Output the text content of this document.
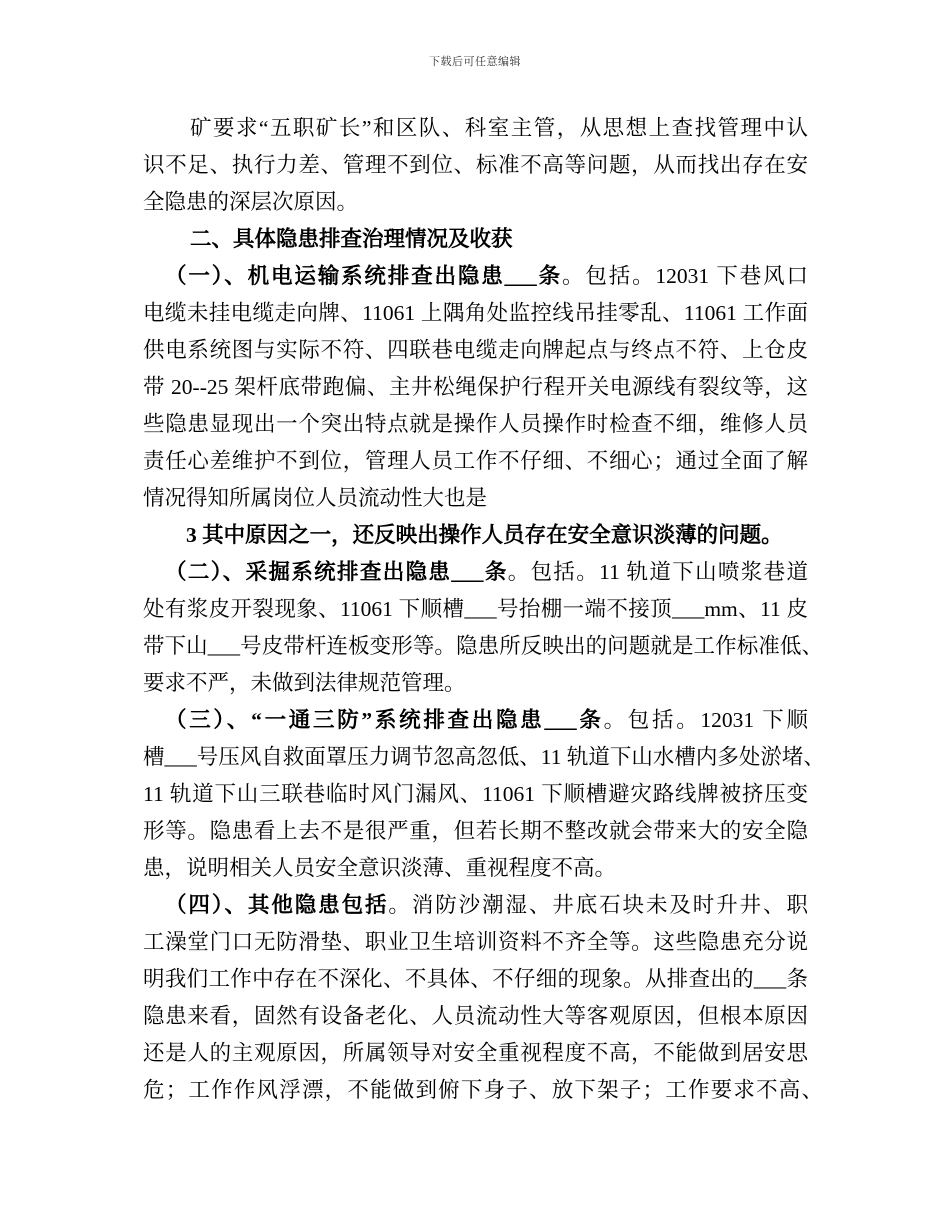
下载后可任意编辑
矿要求“五职矿长”和区队、科室主管，从思想上查找管理中认
识不足、执行力差、管理不到位、标准不高等问题，从而找出存在安
全隐患的深层次原因。
二、具体隐患排查治理情况及收获
（一）、机电运输系统排查出隐患___条。包括。12031 下巷风口
电缆未挂电缆走向牌、11061 上隅角处监控线吊挂零乱、11061 工作面
供电系统图与实际不符、四联巷电缆走向牌起点与终点不符、上仓皮
带 20--25 架杆底带跑偏、主井松绳保护行程开关电源线有裂纹等，这
些隐患显现出一个突出特点就是操作人员操作时检查不细，维修人员
责任心差维护不到位，管理人员工作不仔细、不细心；通过全面了解
情况得知所属岗位人员流动性大也是
3 其中原因之一，还反映出操作人员存在安全意识淡薄的问题。
（二）、采掘系统排查出隐患___条。包括。11 轨道下山喷浆巷道
处有浆皮开裂现象、11061 下顺槽___号抬棚一端不接顶___mm、11 皮
带下山___号皮带杆连板变形等。隐患所反映出的问题就是工作标准低、
要求不严，未做到法律规范管理。
（三）、“一通三防”系统排查出隐患___条。包括。12031 下顺
槽___号压风自救面罩压力调节忽高忽低、11 轨道下山水槽内多处淤堵、
11 轨道下山三联巷临时风门漏风、11061 下顺槽避灾路线牌被挤压变
形等。隐患看上去不是很严重，但若长期不整改就会带来大的安全隐
患，说明相关人员安全意识淡薄、重视程度不高。
（四）、其他隐患包括。消防沙潮湿、井底石块未及时升井、职
工澡堂门口无防滑垫、职业卫生培训资料不齐全等。这些隐患充分说
明我们工作中存在不深化、不具体、不仔细的现象。从排查出的___条
隐患来看，固然有设备老化、人员流动性大等客观原因，但根本原因
还是人的主观原因，所属领导对安全重视程度不高，不能做到居安思
危；工作作风浮漂，不能做到俯下身子、放下架子；工作要求不高、
